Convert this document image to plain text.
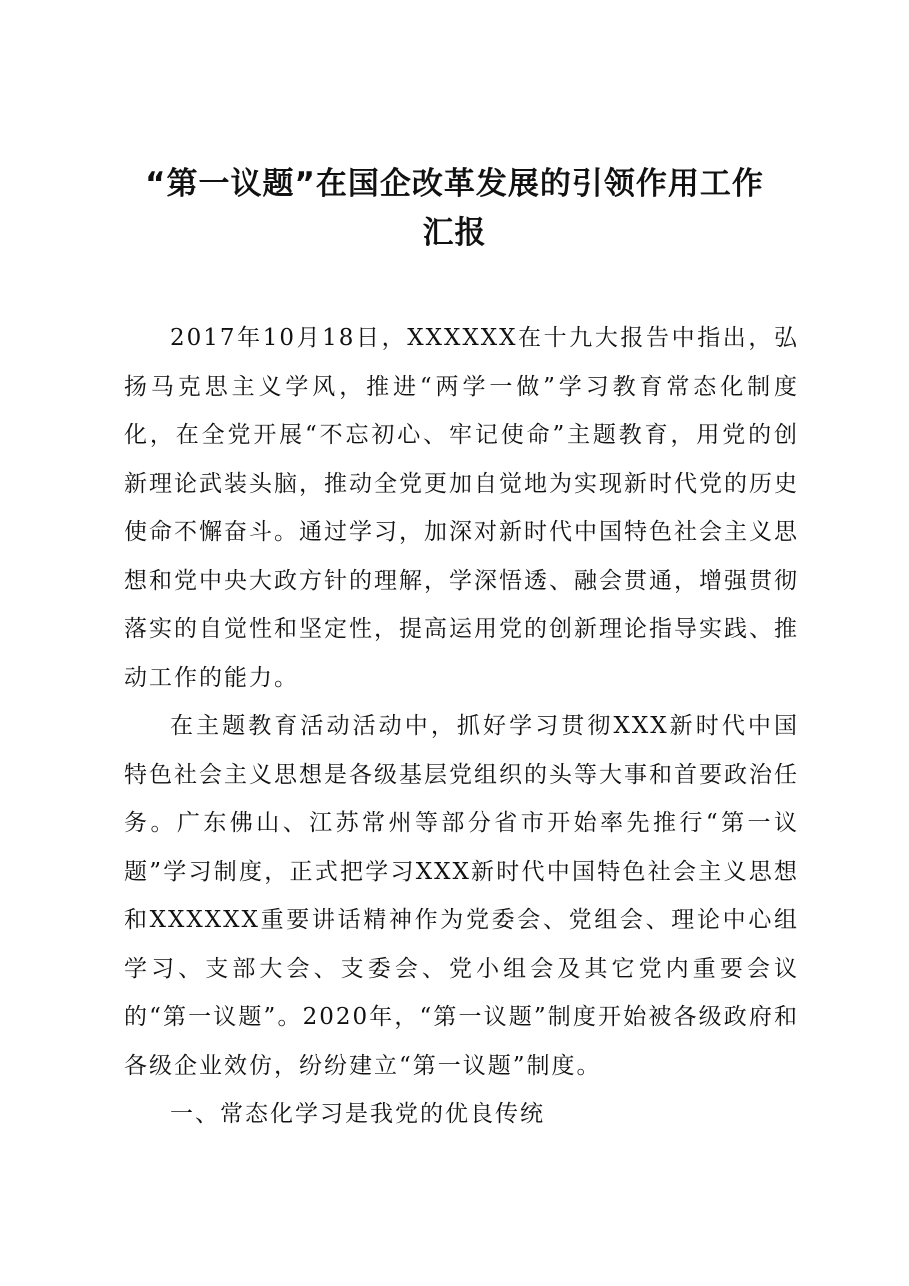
“第一议题”在国企改革发展的引领作用工作
汇报

2017年10月18日，XXXXXX在十九大报告中指出，弘扬马克思主义学风，推进“两学一做”学习教育常态化制度化，在全党开展“不忘初心、牢记使命”主题教育，用党的创新理论武装头脑，推动全党更加自觉地为实现新时代党的历史使命不懈奋斗。通过学习，加深对新时代中国特色社会主义思想和党中央大政方针的理解，学深悟透、融会贯通，增强贯彻落实的自觉性和坚定性，提高运用党的创新理论指导实践、推动工作的能力。

在主题教育活动活动中，抓好学习贯彻XXX新时代中国特色社会主义思想是各级基层党组织的头等大事和首要政治任务。广东佛山、江苏常州等部分省市开始率先推行“第一议题”学习制度，正式把学习XXX新时代中国特色社会主义思想和XXXXXX重要讲话精神作为党委会、党组会、理论中心组学习、支部大会、支委会、党小组会及其它党内重要会议的“第一议题”。2020年，“第一议题”制度开始被各级政府和各级企业效仿，纷纷建立“第一议题”制度。

一、常态化学习是我党的优良传统
